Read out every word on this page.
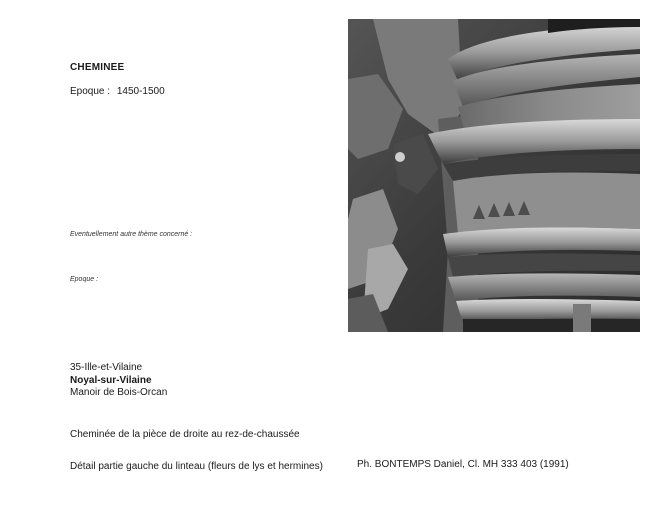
CHEMINEE
Epoque : 1450-1500
Eventuellement autre thème concerné :
Epoque :
35-Ille-et-Vilaine
Noyal-sur-Vilaine
Manoir de Bois-Orcan
Cheminée de la pièce de droite au rez-de-chaussée
Détail partie gauche du linteau (fleurs de lys et hermines)	Ph. BONTEMPS Daniel, Cl. MH 333 403 (1991)
